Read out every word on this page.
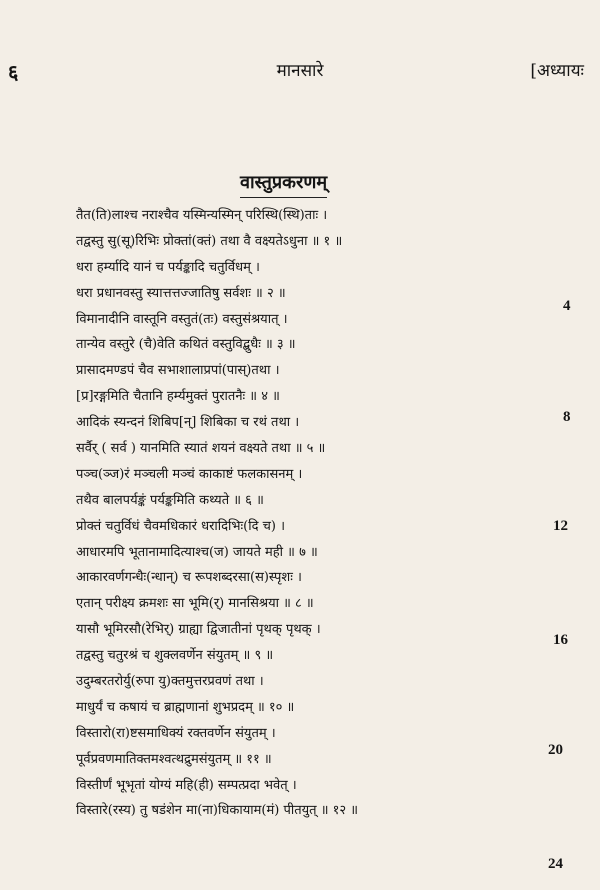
६	मानसारे	[अध्यायः
वास्तुप्रकरणम्
तैत(ति)लाश्च नराश्चैव यस्मिन्यस्मिन् परिस्थि(स्थि)ताः ।
तद्वस्तु सु(सू)रिभिः प्रोक्तां(क्तं) तथा वै वक्ष्यतेऽधुना ॥ १ ॥
धरा हर्म्यादि यानं च पर्यङ्कादि चतुर्विधम् ।
धरा प्रधानवस्तु स्यात्तत्तज्जातिषु सर्वशः ॥ २ ॥
विमानादीनि वास्तूनि वस्तुतं(तः) वस्तुसंश्रयात् ।
तान्येव वस्तुरे (चै)वेति कथितं वस्तुविद्बुधैः ॥ ३ ॥
प्रासादमण्डपं चैव सभाशालाप्रपां(पास्)तथा ।
[प्र]रङ्गमिति चैतानि हर्म्यमुक्तं पुरातनैः ॥ ४ ॥
आदिकं स्यन्दनं शिबिप[न्] शिबिका च रथं तथा ।
सर्वैर् ( सर्व ) यानमिति स्यातं शयनं वक्ष्यते तथा ॥ ५ ॥
पञ्च(ञ्ज)रं मञ्चली मञ्चं काकाष्टं फलकासनम् ।
तथैव बालपर्यङ्कं पर्यङ्कमिति कथ्यते ॥ ६ ॥
प्रोक्तं चतुर्विधं चैवमधिकारं धरादिभिः(दि च) ।
आधारमपि भूतानामादित्याश्च(ज) जायते मही ॥ ७ ॥
आकारवर्णगन्धैः(न्धान्) च रूपशब्दरसा(स)स्पृशः ।
एतान् परीक्ष्य क्रमशः सा भूमि(र्) मानसिश्रया ॥ ८ ॥
यासौ भूमिरसौ(रेभिर्) ग्राह्या द्विजातीनां पृथक् पृथक् ।
तद्वस्तु चतुरश्रं च शुक्लवर्णेन संयुतम् ॥ ९ ॥
उदुम्बरतरोर्यु(रुपा यु)क्तमुत्तरप्रवणं तथा ।
माधुर्यं च कषायं च ब्राह्मणानां शुभप्रदम् ॥ १० ॥
विस्तारो(रा)ष्टसमाधिक्यं रक्तवर्णेन संयुतम् ।
पूर्वप्रवणमातिक्तमश्वत्थद्रुमसंयुतम् ॥ ११ ॥
विस्तीर्णं भूभृतां योग्यं महि(ही) सम्पत्प्रदा भवेत् ।
विस्तारे(रस्य) तु षडंशेन मा(ना)धिकायाम(मं) पीतयुत् ॥ १२ ॥
4
8
12
16
20
24
